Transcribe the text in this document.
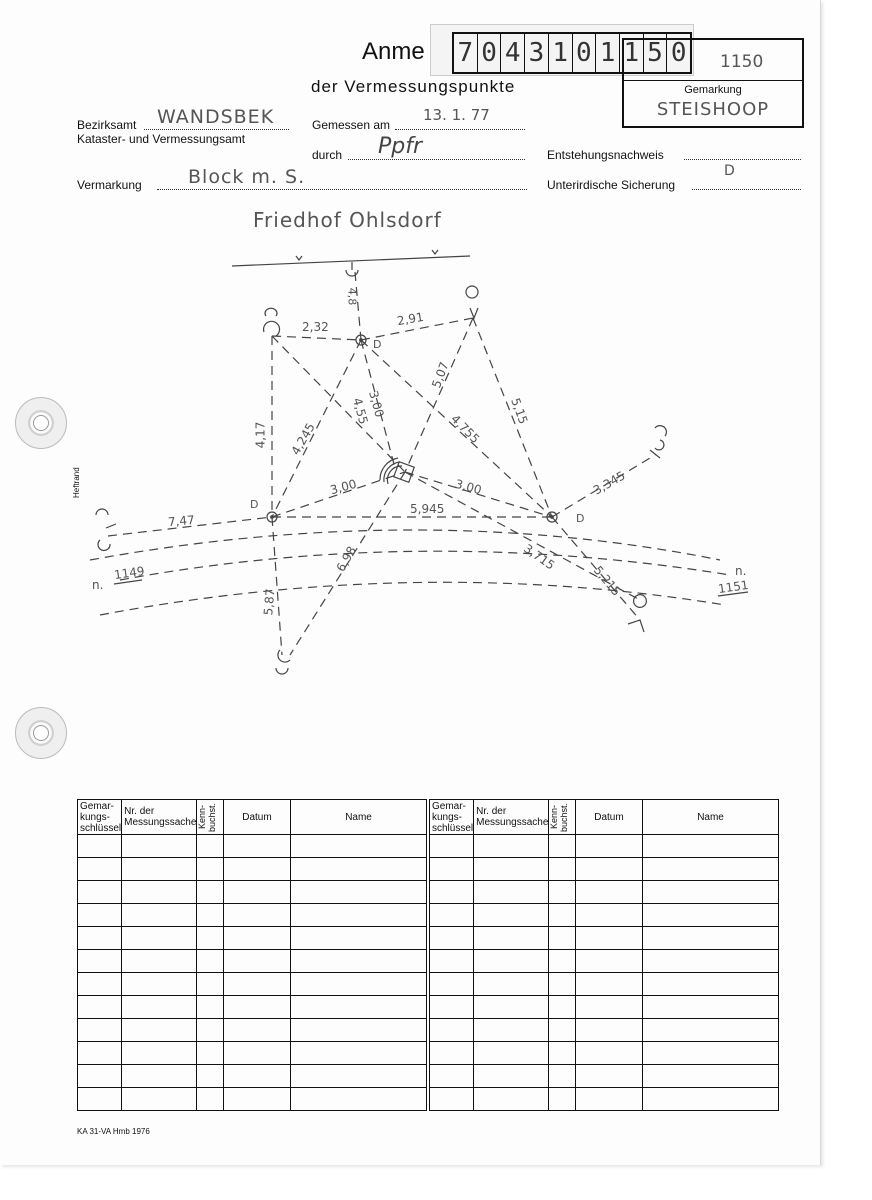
Heftrand
Anme 7 0 4 3 1 0 1 1 5 0
der Vermessungspunkte
1150
Gemarkung
STEISHOOP
Bezirksamt WANDSBEK
Kataster- und Vermessungsamt
Gemessen am
13. 1. 77
durch Ppfr	Entstehungsnachweis
Vermarkung Block m. S.	Unterirdische Sicherung
D
Friedhof Ohlsdorf
4,8
2,32	2,91
4,17 4,245
4,55
3,00
5,07
4,755
5,15
3,00	3,00	3,345
7,47
5,945
3,715
5,215
5,87
6,98
D
D
D
n.
1149	n.
1151
Gemar-kungs-schlüssel	Nr. der Messungssache	Kenn-buchst.	Datum	Name

Gemar-kungs-schlüssel	Nr. der Messungssache	Kenn-buchst.	Datum	Name

KA 31-VA Hmb 1976
